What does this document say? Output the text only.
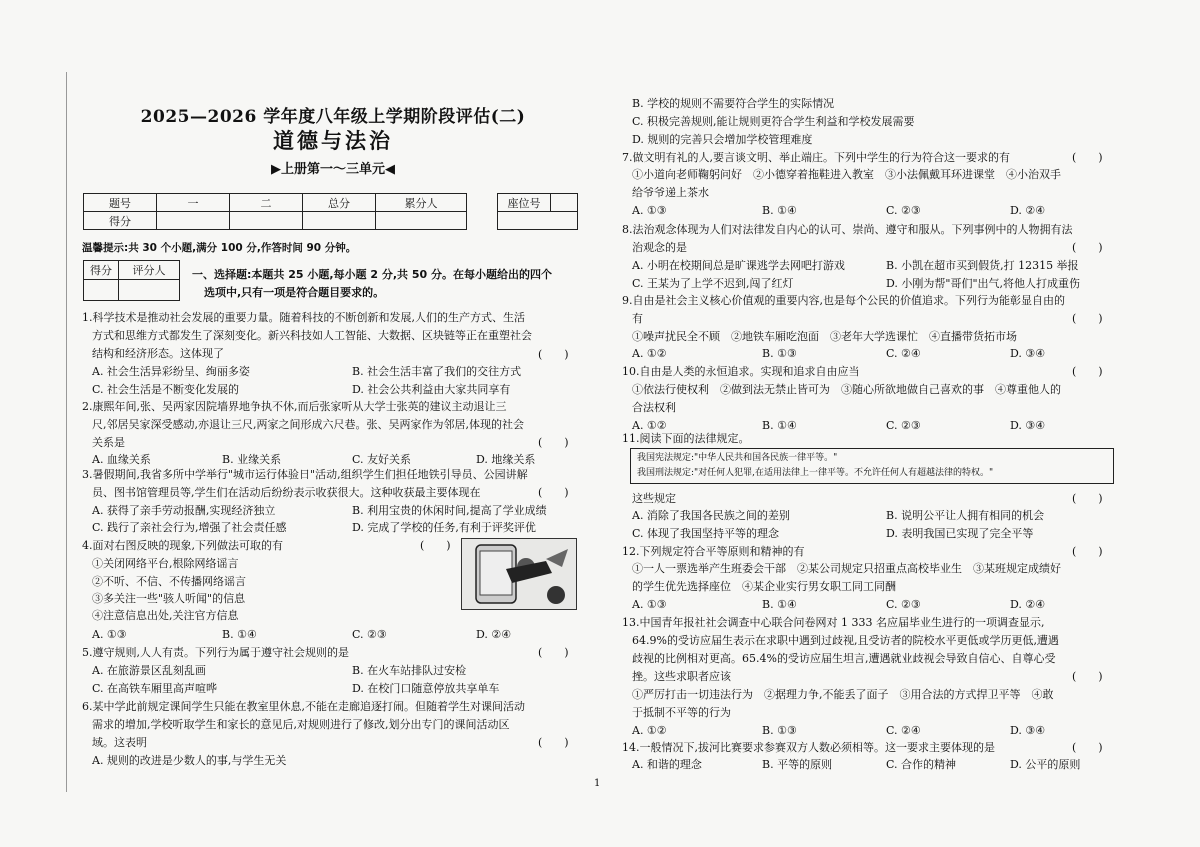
2025—2026 学年度八年级上学期阶段评估(二)
道德与法治
▶上册第一～三单元◀
题号	一	二	总分	累分人
得分				
座位号	

温馨提示:共 30 个小题,满分 100 分,作答时间 90 分钟。
得分	评分人
	一、选择题:本题共 25 小题,每小题 2 分,共 50 分。在每小题给出的四个
选项中,只有一项是符合题目要求的。
1.科学技术是推动社会发展的重要力量。随着科技的不断创新和发展,人们的生产方式、生活
方式和思维方式都发生了深刻变化。新兴科技如人工智能、大数据、区块链等正在重塑社会
结构和经济形态。这体现了	(　　)
A. 社会生活异彩纷呈、绚丽多姿	B. 社会生活丰富了我们的交往方式
C. 社会生活是不断变化发展的	D. 社会公共利益由大家共同享有
2.康熙年间,张、吴两家因院墙界地争执不休,而后张家听从大学士张英的建议主动退让三
尺,邻居吴家深受感动,亦退让三尺,两家之间形成六尺巷。张、吴两家作为邻居,体现的社会
关系是	(　　)
A. 血缘关系	B. 业缘关系	C. 友好关系	D. 地缘关系
3.暑假期间,我省多所中学举行"城市运行体验日"活动,组织学生们担任地铁引导员、公园讲解
员、图书馆管理员等,学生们在活动后纷纷表示收获很大。这种收获最主要体现在	(　　)
A. 获得了亲手劳动报酬,实现经济独立	B. 利用宝贵的休闲时间,提高了学业成绩
C. 践行了亲社会行为,增强了社会责任感	D. 完成了学校的任务,有利于评奖评优
4.面对右图反映的现象,下列做法可取的有	(　　)
①关闭网络平台,根除网络谣言
②不听、不信、不传播网络谣言
③多关注一些"骇人听闻"的信息
④注意信息出处,关注官方信息
A. ①③	B. ①④	C. ②③	D. ②④
5.遵守规则,人人有责。下列行为属于遵守社会规则的是	(　　)
A. 在旅游景区乱刻乱画	B. 在火车站排队过安检
C. 在高铁车厢里高声喧哗	D. 在校门口随意停放共享单车
6.某中学此前规定课间学生只能在教室里休息,不能在走廊追逐打闹。但随着学生对课间活动
需求的增加,学校听取学生和家长的意见后,对规则进行了修改,划分出专门的课间活动区
域。这表明	(　　)
A. 规则的改进是少数人的事,与学生无关
B. 学校的规则不需要符合学生的实际情况
C. 积极完善规则,能让规则更符合学生利益和学校发展需要
D. 规则的完善只会增加学校管理难度
7.做文明有礼的人,要言谈文明、举止端庄。下列中学生的行为符合这一要求的有	(　　)
①小道向老师鞠躬问好　②小德穿着拖鞋进入教室　③小法佩戴耳环进课堂　④小治双手
给爷爷递上茶水
A. ①③	B. ①④	C. ②③	D. ②④
8.法治观念体现为人们对法律发自内心的认可、崇尚、遵守和服从。下列事例中的人物拥有法
治观念的是	(　　)
A. 小明在校期间总是旷课逃学去网吧打游戏	B. 小凯在超市买到假货,打 12315 举报
C. 王某为了上学不迟到,闯了红灯	D. 小刚为帮"哥们"出气,将他人打成重伤
9.自由是社会主义核心价值观的重要内容,也是每个公民的价值追求。下列行为能彰显自由的
有	(　　)
①噪声扰民全不顾　②地铁车厢吃泡面　③老年大学选课忙　④直播带货拓市场
A. ①②	B. ①③	C. ②④	D. ③④
10.自由是人类的永恒追求。实现和追求自由应当	(　　)
①依法行使权利　②做到法无禁止皆可为　③随心所欲地做自己喜欢的事　④尊重他人的
合法权利
A. ①②	B. ①④	C. ②③	D. ③④
11.阅读下面的法律规定。
我国宪法规定:"中华人民共和国各民族一律平等。"
我国刑法规定:"对任何人犯罪,在适用法律上一律平等。不允许任何人有超越法律的特权。"
这些规定	(　　)
A. 消除了我国各民族之间的差别	B. 说明公平让人拥有相同的机会
C. 体现了我国坚持平等的理念	D. 表明我国已实现了完全平等
12.下列规定符合平等原则和精神的有	(　　)
①一人一票选举产生班委会干部　②某公司规定只招重点高校毕业生　③某班规定成绩好
的学生优先选择座位　④某企业实行男女职工同工同酬
A. ①③	B. ①④	C. ②③	D. ②④
13.中国青年报社社会调查中心联合问卷网对 1 333 名应届毕业生进行的一项调查显示,
64.9%的受访应届生表示在求职中遇到过歧视,且受访者的院校水平更低或学历更低,遭遇
歧视的比例相对更高。65.4%的受访应届生坦言,遭遇就业歧视会导致自信心、自尊心受
挫。这些求职者应该	(　　)
①严厉打击一切违法行为　②据理力争,不能丢了面子　③用合法的方式捍卫平等　④敢
于抵制不平等的行为
A. ①②	B. ①③	C. ②④	D. ③④
14.一般情况下,拔河比赛要求参赛双方人数必须相等。这一要求主要体现的是	(　　)
A. 和谐的理念	B. 平等的原则	C. 合作的精神	D. 公平的原则
1
